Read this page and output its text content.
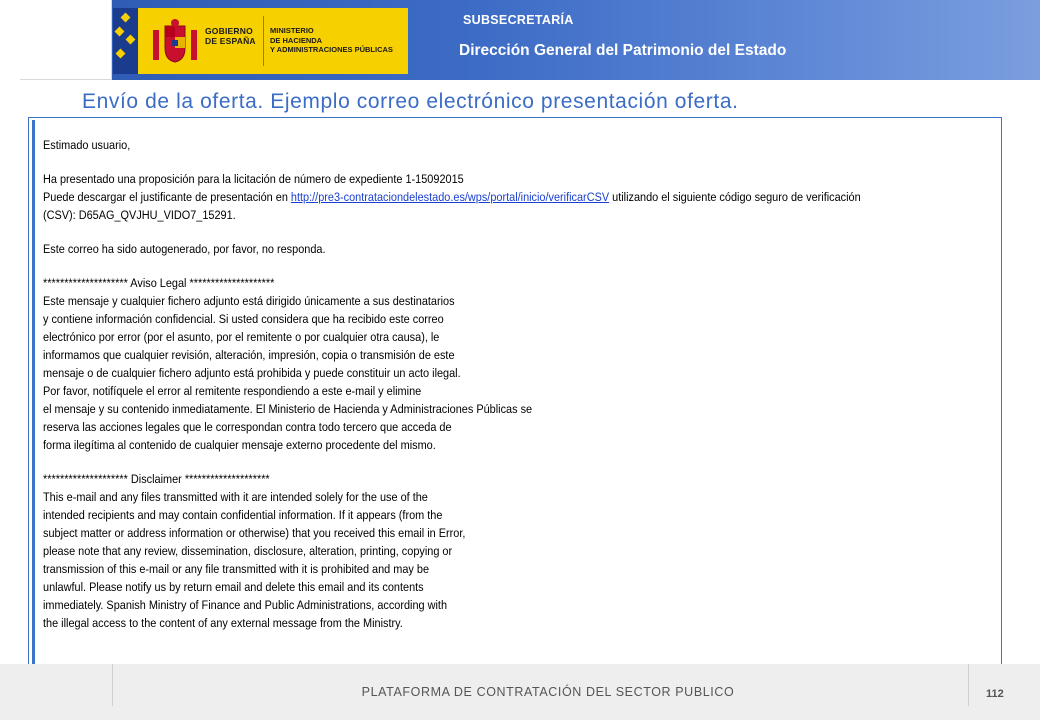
GOBIERNO
DE ESPAÑA
MINISTERIO
DE HACIENDA
Y ADMINISTRACIONES PÚBLICAS
SUBSECRETARÍA
Dirección General del Patrimonio del Estado
Envío de la oferta. Ejemplo correo electrónico presentación oferta.

Estimado usuario,

Ha presentado una proposición para la licitación de número de expediente 1-15092015

Puede descargar el justificante de presentación en http://pre3-contrataciondelestado.es/wps/portal/inicio/verificarCSV utilizando el siguiente código seguro de verificación

(CSV): D65AG_QVJHU_VIDO7_15291.

Este correo ha sido autogenerado, por favor, no responda.

******************** Aviso Legal ********************

Este mensaje y cualquier fichero adjunto está dirigido únicamente a sus destinatarios

y contiene información confidencial. Si usted considera que ha recibido este correo

electrónico por error (por el asunto, por el remitente o por cualquier otra causa), le

informamos que cualquier revisión, alteración, impresión, copia o transmisión de este

mensaje o de cualquier fichero adjunto está prohibida y puede constituir un acto ilegal.

Por favor, notifíquele el error al remitente respondiendo a este e-mail y elimine

el mensaje y su contenido inmediatamente. El Ministerio de Hacienda y Administraciones Públicas se

reserva las acciones legales que le correspondan contra todo tercero que acceda de

forma ilegítima al contenido de cualquier mensaje externo procedente del mismo.

******************** Disclaimer ********************

This e-mail and any files transmitted with it are intended solely for the use of the

intended recipients and may contain confidential information. If it appears (from the

subject matter or address information or otherwise) that you received this email in Error,

please note that any review, dissemination, disclosure, alteration, printing, copying or

transmission of this e-mail or any file transmitted with it is prohibited and may be

unlawful. Please notify us by return email and delete this email and its contents

immediately. Spanish Ministry of Finance and Public Administrations, according with

the illegal access to the content of any external message from the Ministry.

PLATAFORMA DE CONTRATACIÓN DEL SECTOR PUBLICO	112
